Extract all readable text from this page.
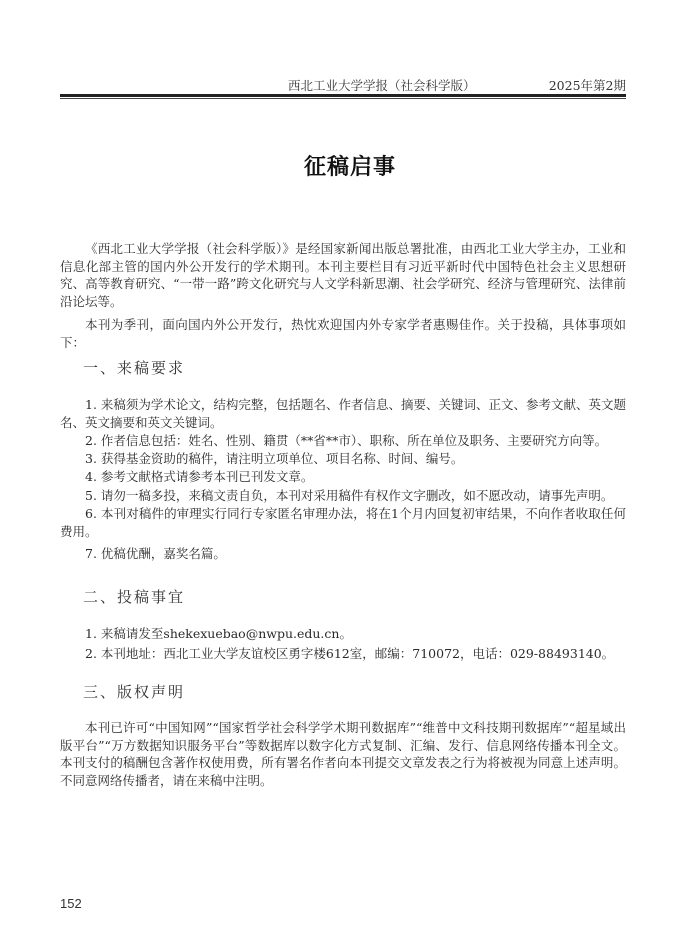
西北工业大学学报（社会科学版）	2025年第2期
征稿启事

《西北工业大学学报（社会科学版）》是经国家新闻出版总署批准，由西北工业大学主办，工业和信息化部主管的国内外公开发行的学术期刊。本刊主要栏目有习近平新时代中国特色社会主义思想研究、高等教育研究、“一带一路”跨文化研究与人文学科新思潮、社会学研究、经济与管理研究、法律前沿论坛等。

本刊为季刊，面向国内外公开发行，热忱欢迎国内外专家学者惠赐佳作。关于投稿，具体事项如下：

一、来稿要求

1. 来稿须为学术论文，结构完整，包括题名、作者信息、摘要、关键词、正文、参考文献、英文题名、英文摘要和英文关键词。

2. 作者信息包括：姓名、性别、籍贯（**省**市）、职称、所在单位及职务、主要研究方向等。

3. 获得基金资助的稿件，请注明立项单位、项目名称、时间、编号。

4. 参考文献格式请参考本刊已刊发文章。

5. 请勿一稿多投，来稿文责自负，本刊对采用稿件有权作文字删改，如不愿改动，请事先声明。

6. 本刊对稿件的审理实行同行专家匿名审理办法，将在1个月内回复初审结果，不向作者收取任何费用。

7. 优稿优酬，嘉奖名篇。

二、投稿事宜

1. 来稿请发至shekexuebao@nwpu.edu.cn。

2. 本刊地址：西北工业大学友谊校区勇字楼612室，邮编：710072，电话：029-88493140。

三、版权声明

本刊已许可“中国知网”“国家哲学社会科学学术期刊数据库”“维普中文科技期刊数据库”“超星域出版平台”“万方数据知识服务平台”等数据库以数字化方式复制、汇编、发行、信息网络传播本刊全文。本刊支付的稿酬包含著作权使用费，所有署名作者向本刊提交文章发表之行为将被视为同意上述声明。不同意网络传播者，请在来稿中注明。

152
